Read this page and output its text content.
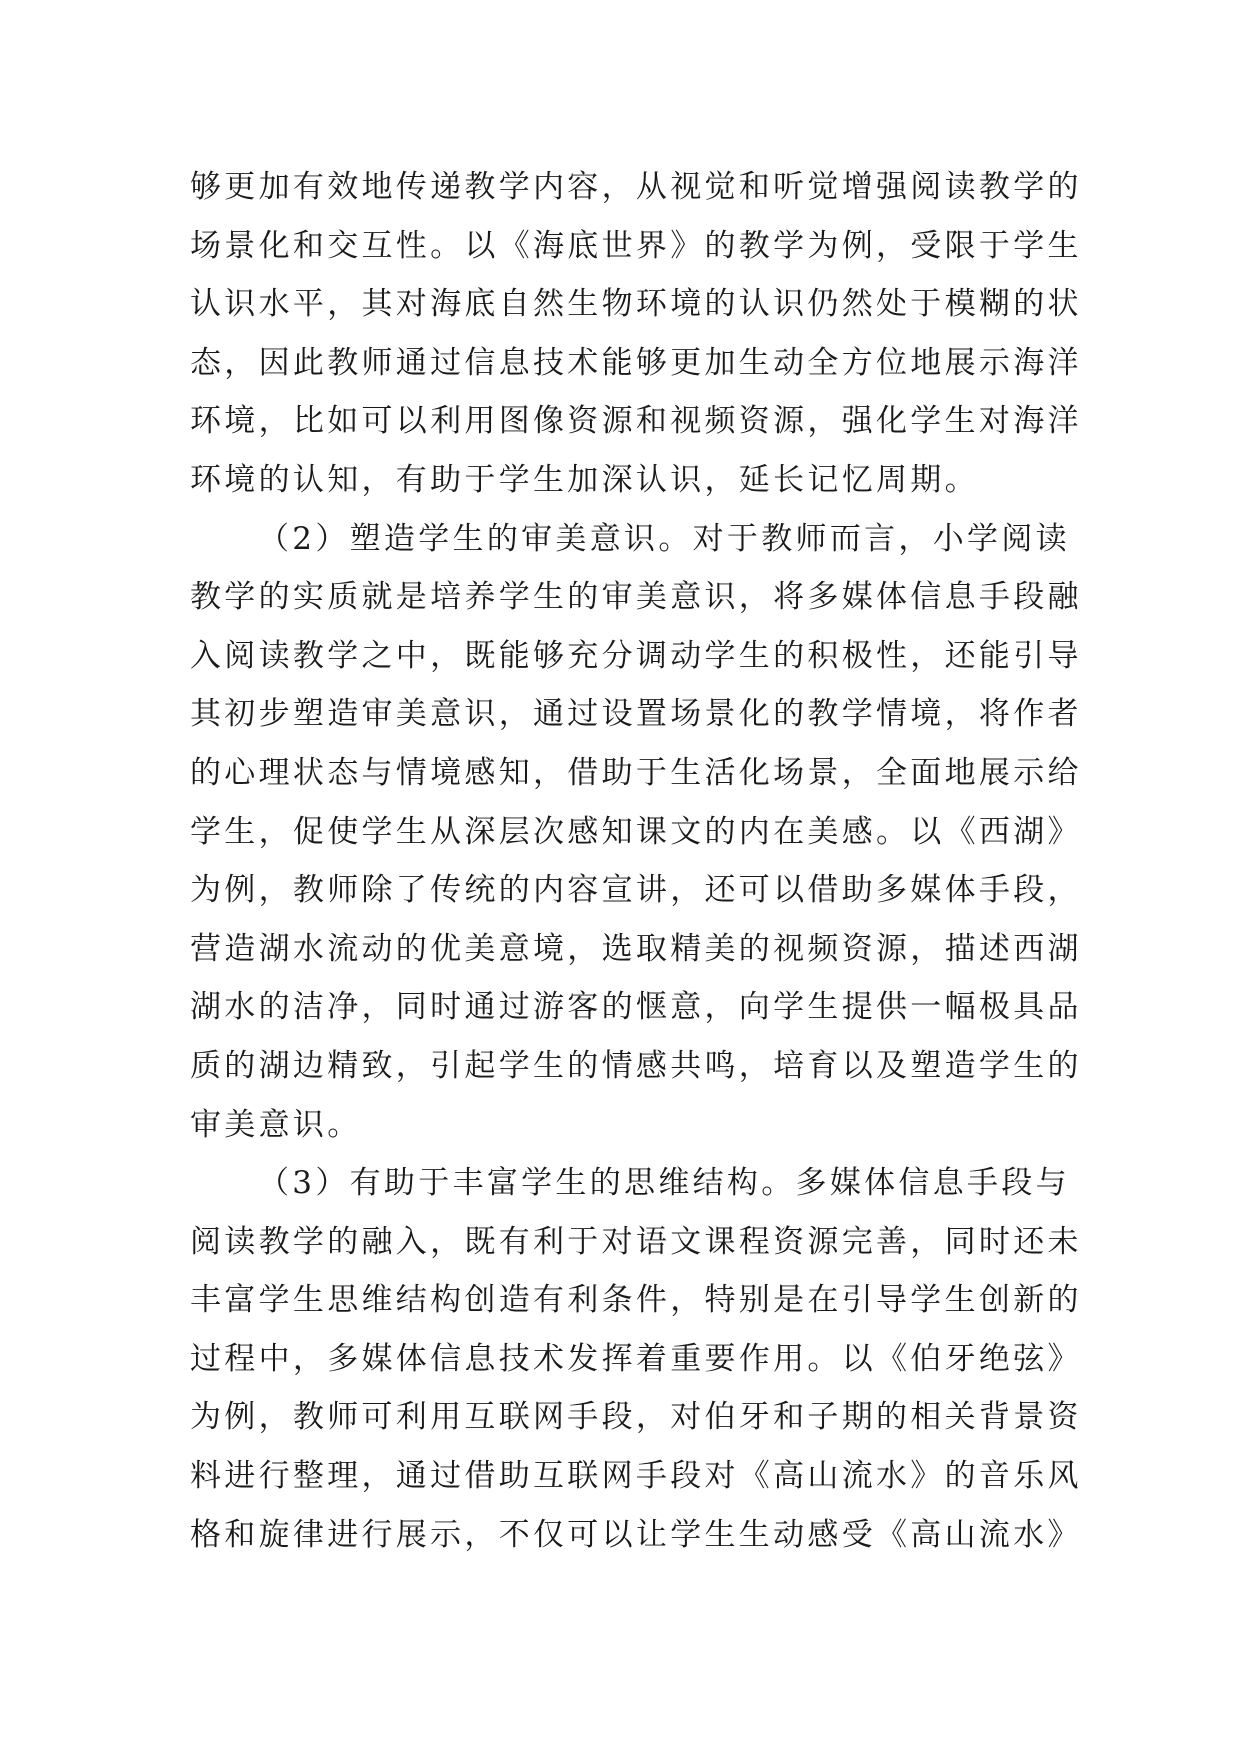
够更加有效地传递教学内容，从视觉和听觉增强阅读教学的
场景化和交互性。以《海底世界》的教学为例，受限于学生
认识水平，其对海底自然生物环境的认识仍然处于模糊的状
态，因此教师通过信息技术能够更加生动全方位地展示海洋
环境，比如可以利用图像资源和视频资源，强化学生对海洋
环境的认知，有助于学生加深认识，延长记忆周期。
（2）塑造学生的审美意识。对于教师而言，小学阅读
教学的实质就是培养学生的审美意识，将多媒体信息手段融
入阅读教学之中，既能够充分调动学生的积极性，还能引导
其初步塑造审美意识，通过设置场景化的教学情境，将作者
的心理状态与情境感知，借助于生活化场景，全面地展示给
学生，促使学生从深层次感知课文的内在美感。以《西湖》
为例，教师除了传统的内容宣讲，还可以借助多媒体手段，
营造湖水流动的优美意境，选取精美的视频资源，描述西湖
湖水的洁净，同时通过游客的惬意，向学生提供一幅极具品
质的湖边精致，引起学生的情感共鸣，培育以及塑造学生的
审美意识。
（3）有助于丰富学生的思维结构。多媒体信息手段与
阅读教学的融入，既有利于对语文课程资源完善，同时还未
丰富学生思维结构创造有利条件，特别是在引导学生创新的
过程中，多媒体信息技术发挥着重要作用。以《伯牙绝弦》
为例，教师可利用互联网手段，对伯牙和子期的相关背景资
料进行整理，通过借助互联网手段对《高山流水》的音乐风
格和旋律进行展示，不仅可以让学生生动感受《高山流水》
